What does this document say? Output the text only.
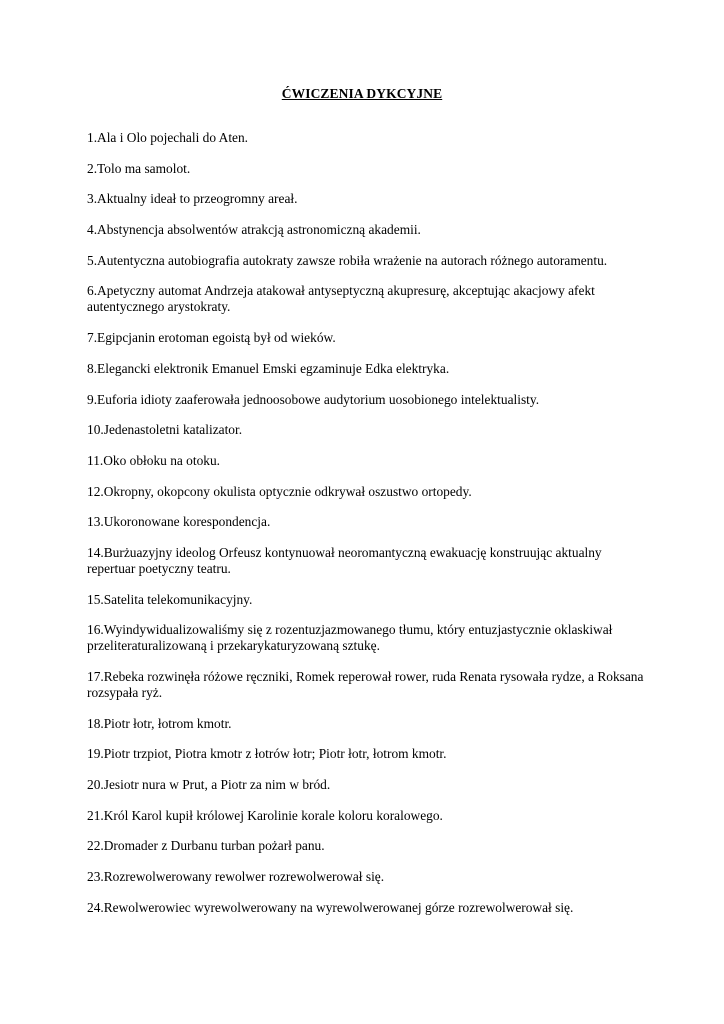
ĆWICZENIA DYKCYJNE
1.Ala i Olo pojechali do Aten.
2.Tolo ma samolot.
3.Aktualny ideał to przeogromny areał.
4.Abstynencja absolwentów atrakcją astronomiczną akademii.
5.Autentyczna autobiografia autokraty zawsze robiła wrażenie na autorach różnego autoramentu.
6.Apetyczny automat Andrzeja atakował antyseptyczną akupresurę, akceptując akacjowy afekt autentycznego arystokraty.
7.Egipcjanin erotoman egoistą był od wieków.
8.Elegancki elektronik Emanuel Emski egzaminuje Edka elektryka.
9.Euforia idioty zaaferowała jednoosobowe audytorium uosobionego intelektualisty.
10.Jedenastoletni katalizator.
11.Oko obłoku na otoku.
12.Okropny, okopcony okulista optycznie odkrywał oszustwo ortopedy.
13.Ukoronowane korespondencja.
14.Burżuazyjny ideolog Orfeusz kontynuował neoromantyczną ewakuację konstruując aktualny repertuar poetyczny teatru.
15.Satelita telekomunikacyjny.
16.Wyindywidualizowaliśmy się z rozentuzjazmowanego tłumu, który entuzjastycznie oklaskiwał przeliteraturalizowaną i przekarykaturyzowaną sztukę.
17.Rebeka rozwinęła różowe ręczniki, Romek reperował rower, ruda Renata rysowała rydze, a Roksana rozsypała ryż.
18.Piotr łotr, łotrom kmotr.
19.Piotr trzpiot, Piotra kmotr z łotrów łotr; Piotr łotr, łotrom kmotr.
20.Jesiotr nura w Prut, a Piotr za nim w bród.
21.Król Karol kupił królowej Karolinie korale koloru koralowego.
22.Dromader z Durbanu turban pożarł panu.
23.Rozrewolwerowany rewolwer rozrewolwerował się.
24.Rewolwerowiec wyrewolwerowany na wyrewolwerowanej górze rozrewolwerował się.
